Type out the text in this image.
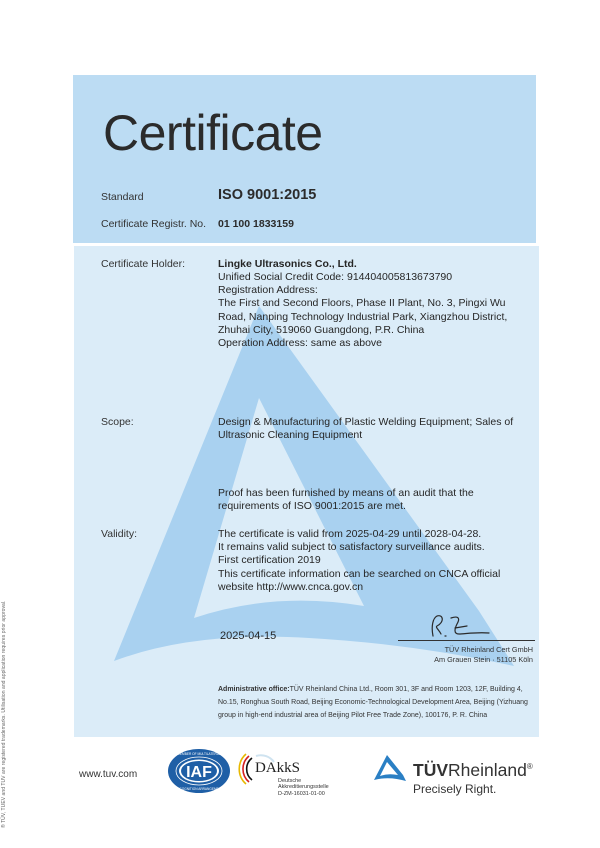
® TÜV, TUEV and TUV are registered trademarks. Utilisation and application requires prior approval.
Certificate
Standard	ISO 9001:2015
Certificate Registr. No. 01 100 1833159
Certificate Holder:	Lingke Ultrasonics Co., Ltd.
Unified Social Credit Code: 914404005813673790
Registration Address:
The First and Second Floors, Phase II Plant, No. 3, Pingxi Wu
Road, Nanping Technology Industrial Park, Xiangzhou District,
Zhuhai City, 519060 Guangdong, P.R. China
Operation Address: same as above
Scope:	Design & Manufacturing of Plastic Welding Equipment; Sales of
Ultrasonic Cleaning Equipment
Proof has been furnished by means of an audit that the
requirements of ISO 9001:2015 are met.
Validity:	The certificate is valid from 2025-04-29 until 2028-04-28.
It remains valid subject to satisfactory surveillance audits.
First certification 2019
This certificate information can be searched on CNCA official
website http://www.cnca.gov.cn
2025-04-15
TÜV Rheinland Cert GmbH
Am Grauen Stein · 51105 Köln
Administrative office:TÜV Rheinland China Ltd., Room 301, 3F and Room 1203, 12F, Building 4, No.15, Ronghua South Road, Beijing Economic-Technological Development Area, Beijing (Yizhuang group in high-end industrial area of Beijing Pilot Free Trade Zone), 100176, P. R. China
www.tuv.com	IAF
MEMBER OF MULTILATERAL
RECOGNITION ARRANGEMENT
DAkkS
Deutsche
Akkreditierungsstelle
D-ZM-16031-01-00
TÜVRheinland®
Precisely Right.
